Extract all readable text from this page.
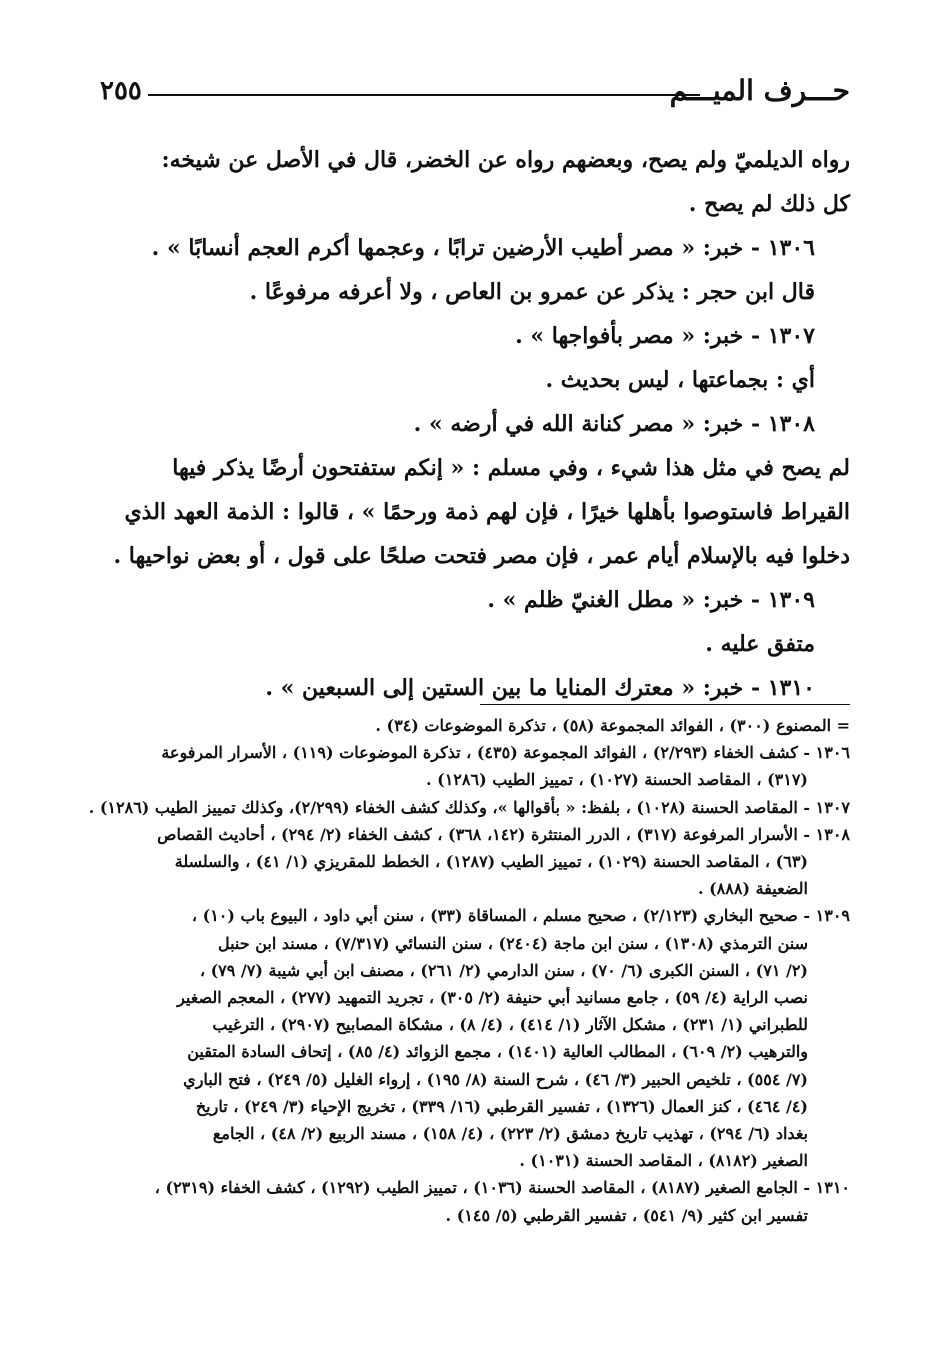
٢٥٥	حـــرف الميـــم

رواه الديلميّ ولم يصح، وبعضهم رواه عن الخضر، قال في الأصل عن شيخه:

كل ذلك لم يصح .

١٣٠٦ - خبر: « مصر أطيب الأرضين ترابًا ، وعجمها أكرم العجم أنسابًا » .

قال ابن حجر : يذكر عن عمرو بن العاص ، ولا أعرفه مرفوعًا .

١٣٠٧ - خبر: « مصر بأفواجها » .

أي : بجماعتها ، ليس بحديث .

١٣٠٨ - خبر: « مصر كنانة الله في أرضه » .

لم يصح في مثل هذا شيء ، وفي مسلم : « إنكم ستفتحون أرضًا يذكر فيها

القيراط فاستوصوا بأهلها خيرًا ، فإن لهم ذمة ورحمًا » ، قالوا : الذمة العهد الذي

دخلوا فيه بالإسلام أيام عمر ، فإن مصر فتحت صلحًا على قول ، أو بعض نواحيها .

١٣٠٩ - خبر: « مطل الغنيّ ظلم » .

متفق عليه .

١٣١٠ - خبر: « معترك المنايا ما بين الستين إلى السبعين » .

= المصنوع (٣٠٠) ، الفوائد المجموعة (٥٨) ، تذكرة الموضوعات (٣٤) .

١٣٠٦ - كشف الخفاء (٢/٢٩٣) ، الفوائد المجموعة (٤٣٥) ، تذكرة الموضوعات (١١٩) ، الأسرار المرفوعة

(٣١٧) ، المقاصد الحسنة (١٠٢٧) ، تمييز الطيب (١٢٨٦) .

١٣٠٧ - المقاصد الحسنة (١٠٢٨) ، بلفظ: « بأقوالها »، وكذلك كشف الخفاء (٢/٢٩٩)، وكذلك تمييز الطيب (١٢٨٦) .

١٣٠٨ - الأسرار المرفوعة (٣١٧) ، الدرر المنتثرة (١٤٢، ٣٦٨) ، كشف الخفاء (٢/ ٢٩٤) ، أحاديث القصاص

(٦٣) ، المقاصد الحسنة (١٠٢٩) ، تمييز الطيب (١٢٨٧) ، الخطط للمقريزي (١/ ٤١) ، والسلسلة

الضعيفة (٨٨٨) .

١٣٠٩ - صحيح البخاري (٢/١٢٣) ، صحيح مسلم ، المساقاة (٣٣) ، سنن أبي داود ، البيوع باب (١٠) ،

سنن الترمذي (١٣٠٨) ، سنن ابن ماجة (٢٤٠٤) ، سنن النسائي (٧/٣١٧) ، مسند ابن حنبل

(٢/ ٧١) ، السنن الكبرى (٦/ ٧٠) ، سنن الدارمي (٢/ ٢٦١) ، مصنف ابن أبي شيبة (٧/ ٧٩) ،

نصب الراية (٤/ ٥٩) ، جامع مسانيد أبي حنيفة (٢/ ٣٠٥) ، تجريد التمهيد (٢٧٧) ، المعجم الصغير

للطبراني (١/ ٢٣١) ، مشكل الآثار (١/ ٤١٤) ، (٤/ ٨) ، مشكاة المصابيح (٢٩٠٧) ، الترغيب

والترهيب (٢/ ٦٠٩) ، المطالب العالية (١٤٠١) ، مجمع الزوائد (٤/ ٨٥) ، إتحاف السادة المتقين

(٧/ ٥٥٤) ، تلخيص الحبير (٣/ ٤٦) ، شرح السنة (٨/ ١٩٥) ، إرواء الغليل (٥/ ٢٤٩) ، فتح الباري

(٤/ ٤٦٤) ، كنز العمال (١٣٢٦) ، تفسير القرطبي (١٦/ ٣٣٩) ، تخريج الإحياء (٣/ ٢٤٩) ، تاريخ

بغداد (٦/ ٢٩٤) ، تهذيب تاريخ دمشق (٢/ ٢٢٣) ، (٤/ ١٥٨) ، مسند الربيع (٢/ ٤٨) ، الجامع

الصغير (٨١٨٢) ، المقاصد الحسنة (١٠٣١) .

١٣١٠ - الجامع الصغير (٨١٨٧) ، المقاصد الحسنة (١٠٣٦) ، تمييز الطيب (١٢٩٢) ، كشف الخفاء (٢٣١٩) ،

تفسير ابن كثير (٩/ ٥٤١) ، تفسير القرطبي (٥/ ١٤٥) .
